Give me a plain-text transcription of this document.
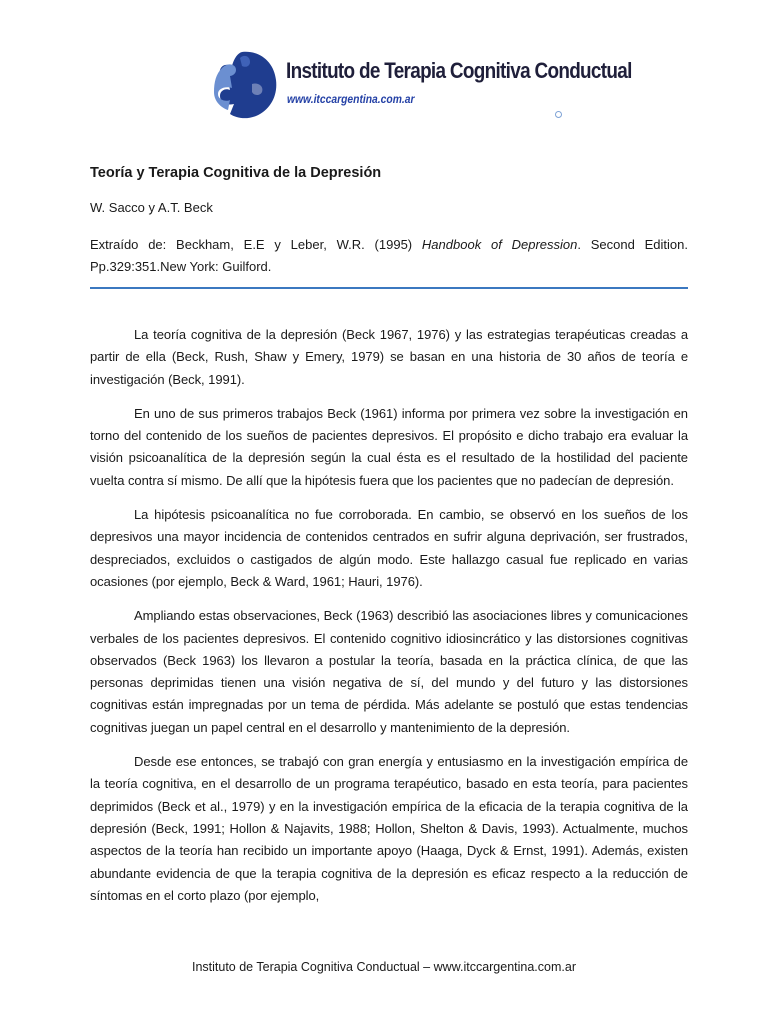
Instituto de Terapia Cognitiva Conductual
www.itccargentina.com.ar
Teoría y Terapia Cognitiva de la Depresión

W. Sacco y A.T. Beck

Extraído de: Beckham, E.E y Leber, W.R. (1995) Handbook of Depression. Second Edition. Pp.329:351.New York: Guilford.

La teoría cognitiva de la depresión (Beck 1967, 1976) y las estrategias terapéuticas creadas a partir de ella (Beck, Rush, Shaw y Emery, 1979) se basan en una historia de 30 años de teoría e investigación (Beck, 1991).

En uno de sus primeros trabajos Beck (1961) informa por primera vez sobre la investigación en torno del contenido de los sueños de pacientes depresivos. El propósito e dicho trabajo era evaluar la visión psicoanalítica de la depresión según la cual ésta es el resultado de la hostilidad del paciente vuelta contra sí mismo. De allí que la hipótesis fuera que los pacientes que no padecían de depresión.

La hipótesis psicoanalítica no fue corroborada. En cambio, se observó en los sueños de los depresivos una mayor incidencia de contenidos centrados en sufrir alguna deprivación, ser frustrados, despreciados, excluidos o castigados de algún modo. Este hallazgo casual fue replicado en varias ocasiones (por ejemplo, Beck & Ward, 1961; Hauri, 1976).

Ampliando estas observaciones, Beck (1963) describió las asociaciones libres y comunicaciones verbales de los pacientes depresivos. El contenido cognitivo idiosincrático y las distorsiones cognitivas observados (Beck 1963) los llevaron a postular la teoría, basada en la práctica clínica, de que las personas deprimidas tienen una visión negativa de sí, del mundo y del futuro y las distorsiones cognitivas están impregnadas por un tema de pérdida. Más adelante se postuló que estas tendencias cognitivas juegan un papel central en el desarrollo y mantenimiento de la depresión.

Desde ese entonces, se trabajó con gran energía y entusiasmo en la investigación empírica de la teoría cognitiva, en el desarrollo de un programa terapéutico, basado en esta teoría, para pacientes deprimidos (Beck et al., 1979) y en la investigación empírica de la eficacia de la terapia cognitiva de la depresión (Beck, 1991; Hollon & Najavits, 1988; Hollon, Shelton & Davis, 1993). Actualmente, muchos aspectos de la teoría han recibido un importante apoyo (Haaga, Dyck & Ernst, 1991). Además, existen abundante evidencia de que la terapia cognitiva de la depresión es eficaz respecto a la reducción de síntomas en el corto plazo (por ejemplo,

Instituto de Terapia Cognitiva Conductual – www.itccargentina.com.ar
